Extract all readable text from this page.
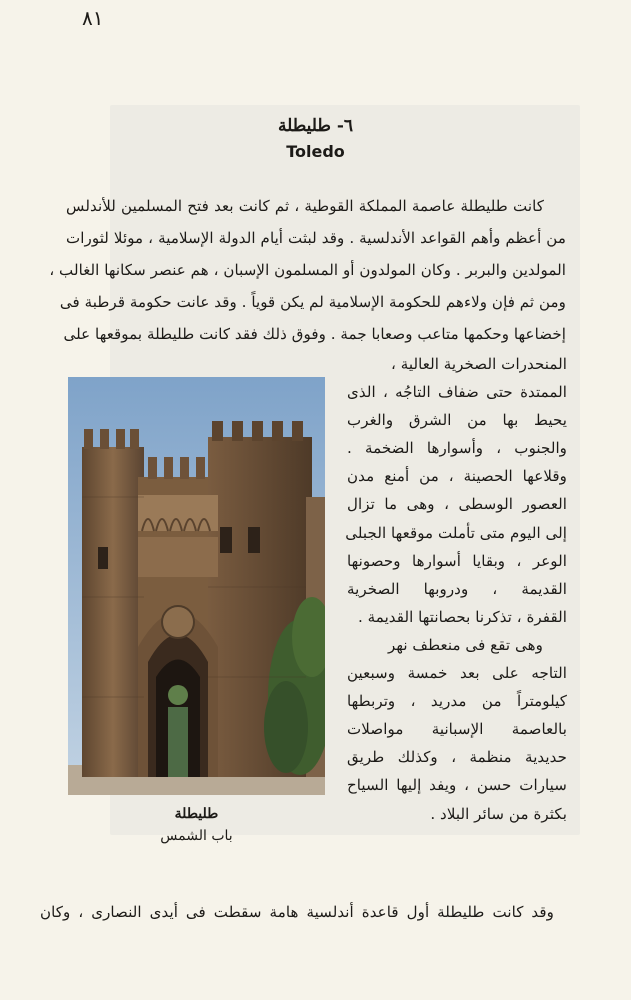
٨١
٦- طليطلة
Toledo
كانت طليطلة عاصمة المملكة القوطية ، ثم كانت بعد فتح المسلمين للأندلس
من أعظم وأهم القواعد الأندلسية . وقد لبثت أيام الدولة الإسلامية ، موئلا لثورات
المولدين والبربر . وكان المولدون أو المسلمون الإسبان ، هم عنصر سكانها الغالب ،
ومن ثم فإن ولاءهم للحكومة الإسلامية لم يكن قوياً . وقد عانت حكومة قرطبة فى
إخضاعها وحكمها متاعب وصعابا جمة . وفوق ذلك فقد كانت طليطلة بموقعها على
المنحدرات الصخرية العالية ،
الممتدة حتى ضفاف التاجُه ، الذى
يحيط بها من الشرق والغرب
والجنوب ، وأسوارها الضخمة .
وقلاعها الحصينة ، من أمنع مدن
العصور الوسطى ، وهى ما تزال
إلى اليوم متى تأملت موقعها الجبلى
الوعر ، وبقايا أسوارها وحصونها
القديمة ، ودروبها الصخرية
القفرة ، تذكرنا بحصانتها القديمة .
وهى تقع فى منعطف نهر
التاجه على بعد خمسة وسبعين
كيلومتراً من مدريد ، وتربطها
بالعاصمة الإسبانية مواصلات
حديدية منظمة ، وكذلك طريق
سيارات حسن ، ويفد إليها السياح
بكثرة من سائر البلاد .
وقد كانت طليطلة أول قاعدة أندلسية هامة سقطت فى أيدى النصارى ، وكان
طليطلة
باب الشمس
